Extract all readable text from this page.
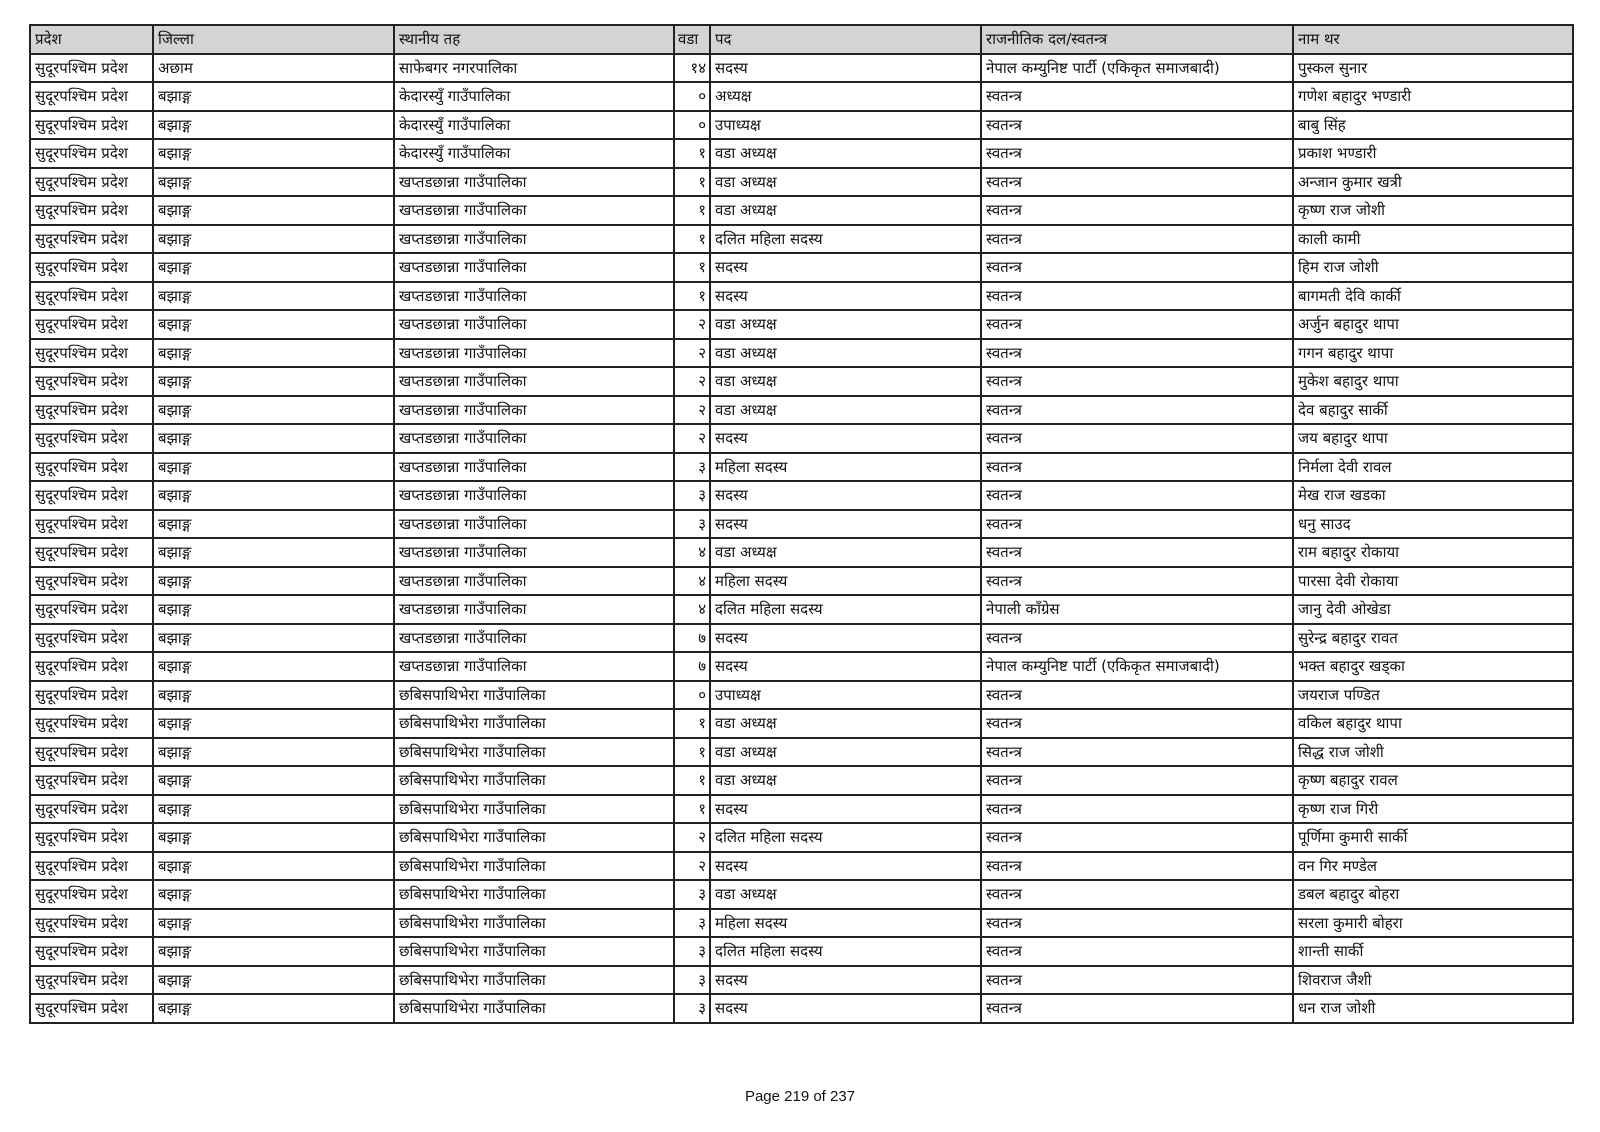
प्रदेश	जिल्ला	स्थानीय तह	वडा	पद	राजनीतिक दल/स्वतन्त्र	नाम थर
सुदूरपश्चिम प्रदेश	अछाम	साफेबगर नगरपालिका	१४	सदस्य	नेपाल कम्युनिष्ट पार्टी (एकिकृत समाजबादी)	पुस्कल सुनार
सुदूरपश्चिम प्रदेश	बझाङ्ग	केदारस्युँ गाउँपालिका	०	अध्यक्ष	स्वतन्त्र	गणेश बहादुर भण्डारी
सुदूरपश्चिम प्रदेश	बझाङ्ग	केदारस्युँ गाउँपालिका	०	उपाध्यक्ष	स्वतन्त्र	बाबु सिंह
सुदूरपश्चिम प्रदेश	बझाङ्ग	केदारस्युँ गाउँपालिका	१	वडा अध्यक्ष	स्वतन्त्र	प्रकाश भण्डारी
सुदूरपश्चिम प्रदेश	बझाङ्ग	खप्तडछान्ना गाउँपालिका	१	वडा अध्यक्ष	स्वतन्त्र	अन्जान कुमार खत्री
सुदूरपश्चिम प्रदेश	बझाङ्ग	खप्तडछान्ना गाउँपालिका	१	वडा अध्यक्ष	स्वतन्त्र	कृष्ण राज जोशी
सुदूरपश्चिम प्रदेश	बझाङ्ग	खप्तडछान्ना गाउँपालिका	१	दलित महिला सदस्य	स्वतन्त्र	काली कामी
सुदूरपश्चिम प्रदेश	बझाङ्ग	खप्तडछान्ना गाउँपालिका	१	सदस्य	स्वतन्त्र	हिम राज जोशी
सुदूरपश्चिम प्रदेश	बझाङ्ग	खप्तडछान्ना गाउँपालिका	१	सदस्य	स्वतन्त्र	बागमती देवि कार्की
सुदूरपश्चिम प्रदेश	बझाङ्ग	खप्तडछान्ना गाउँपालिका	२	वडा अध्यक्ष	स्वतन्त्र	अर्जुन बहादुर थापा
सुदूरपश्चिम प्रदेश	बझाङ्ग	खप्तडछान्ना गाउँपालिका	२	वडा अध्यक्ष	स्वतन्त्र	गगन बहादुर थापा
सुदूरपश्चिम प्रदेश	बझाङ्ग	खप्तडछान्ना गाउँपालिका	२	वडा अध्यक्ष	स्वतन्त्र	मुकेश बहादुर थापा
सुदूरपश्चिम प्रदेश	बझाङ्ग	खप्तडछान्ना गाउँपालिका	२	वडा अध्यक्ष	स्वतन्त्र	देव बहादुर सार्की
सुदूरपश्चिम प्रदेश	बझाङ्ग	खप्तडछान्ना गाउँपालिका	२	सदस्य	स्वतन्त्र	जय बहादुर थापा
सुदूरपश्चिम प्रदेश	बझाङ्ग	खप्तडछान्ना गाउँपालिका	३	महिला सदस्य	स्वतन्त्र	निर्मला देवी रावल
सुदूरपश्चिम प्रदेश	बझाङ्ग	खप्तडछान्ना गाउँपालिका	३	सदस्य	स्वतन्त्र	मेख राज खडका
सुदूरपश्चिम प्रदेश	बझाङ्ग	खप्तडछान्ना गाउँपालिका	३	सदस्य	स्वतन्त्र	धनु साउद
सुदूरपश्चिम प्रदेश	बझाङ्ग	खप्तडछान्ना गाउँपालिका	४	वडा अध्यक्ष	स्वतन्त्र	राम बहादुर रोकाया
सुदूरपश्चिम प्रदेश	बझाङ्ग	खप्तडछान्ना गाउँपालिका	४	महिला सदस्य	स्वतन्त्र	पारसा देवी रोकाया
सुदूरपश्चिम प्रदेश	बझाङ्ग	खप्तडछान्ना गाउँपालिका	४	दलित महिला सदस्य	नेपाली काँग्रेस	जानु देवी ओखेडा
सुदूरपश्चिम प्रदेश	बझाङ्ग	खप्तडछान्ना गाउँपालिका	७	सदस्य	स्वतन्त्र	सुरेन्द्र बहादुर रावत
सुदूरपश्चिम प्रदेश	बझाङ्ग	खप्तडछान्ना गाउँपालिका	७	सदस्य	नेपाल कम्युनिष्ट पार्टी (एकिकृत समाजबादी)	भक्त बहादुर खड्का
सुदूरपश्चिम प्रदेश	बझाङ्ग	छबिसपाथिभेरा गाउँपालिका	०	उपाध्यक्ष	स्वतन्त्र	जयराज पण्डित
सुदूरपश्चिम प्रदेश	बझाङ्ग	छबिसपाथिभेरा गाउँपालिका	१	वडा अध्यक्ष	स्वतन्त्र	वकिल बहादुर थापा
सुदूरपश्चिम प्रदेश	बझाङ्ग	छबिसपाथिभेरा गाउँपालिका	१	वडा अध्यक्ष	स्वतन्त्र	सिद्ध राज जोशी
सुदूरपश्चिम प्रदेश	बझाङ्ग	छबिसपाथिभेरा गाउँपालिका	१	वडा अध्यक्ष	स्वतन्त्र	कृष्ण बहादुर रावल
सुदूरपश्चिम प्रदेश	बझाङ्ग	छबिसपाथिभेरा गाउँपालिका	१	सदस्य	स्वतन्त्र	कृष्ण राज गिरी
सुदूरपश्चिम प्रदेश	बझाङ्ग	छबिसपाथिभेरा गाउँपालिका	२	दलित महिला सदस्य	स्वतन्त्र	पूर्णिमा कुमारी सार्की
सुदूरपश्चिम प्रदेश	बझाङ्ग	छबिसपाथिभेरा गाउँपालिका	२	सदस्य	स्वतन्त्र	वन गिर मण्डेल
सुदूरपश्चिम प्रदेश	बझाङ्ग	छबिसपाथिभेरा गाउँपालिका	३	वडा अध्यक्ष	स्वतन्त्र	डबल बहादुर बोहरा
सुदूरपश्चिम प्रदेश	बझाङ्ग	छबिसपाथिभेरा गाउँपालिका	३	महिला सदस्य	स्वतन्त्र	सरला कुमारी बोहरा
सुदूरपश्चिम प्रदेश	बझाङ्ग	छबिसपाथिभेरा गाउँपालिका	३	दलित महिला सदस्य	स्वतन्त्र	शान्ती सार्की
सुदूरपश्चिम प्रदेश	बझाङ्ग	छबिसपाथिभेरा गाउँपालिका	३	सदस्य	स्वतन्त्र	शिवराज जैशी
सुदूरपश्चिम प्रदेश	बझाङ्ग	छबिसपाथिभेरा गाउँपालिका	३	सदस्य	स्वतन्त्र	धन राज जोशी
Page 219 of 237
